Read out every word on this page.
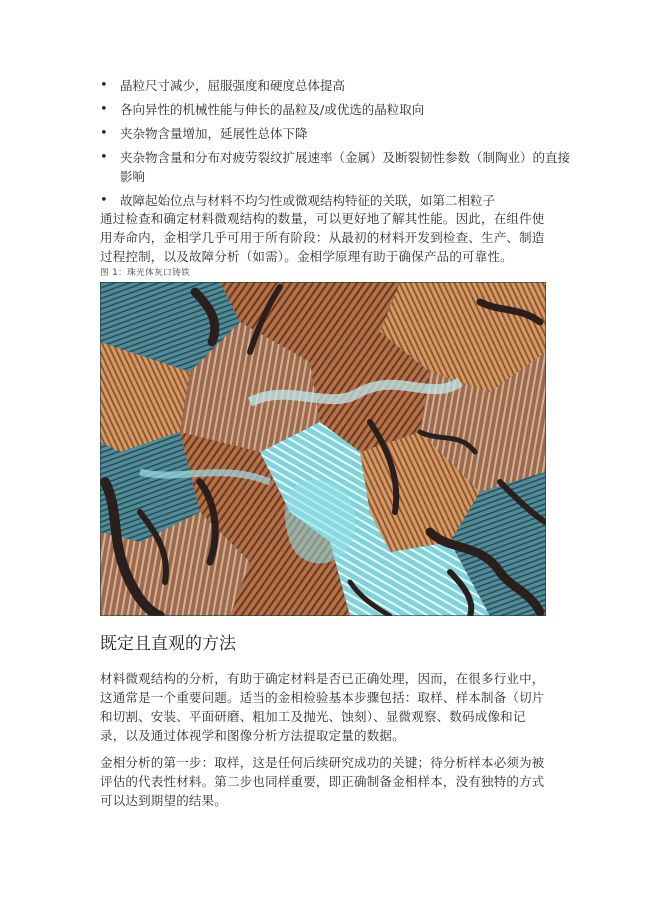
• 晶粒尺寸减少，屈服强度和硬度总体提高
• 各向异性的机械性能与伸长的晶粒及/或优选的晶粒取向
• 夹杂物含量增加，延展性总体下降
• 夹杂物含量和分布对疲劳裂纹扩展速率（金属）及断裂韧性参数（制陶业）的直接影响
• 故障起始位点与材料不均匀性或微观结构特征的关联，如第二相粒子

通过检查和确定材料微观结构的数量，可以更好地了解其性能。因此，在组件使用寿命内，金相学几乎可用于所有阶段：从最初的材料开发到检查、生产、制造过程控制，以及故障分析（如需）。金相学原理有助于确保产品的可靠性。

图 1：珠光体灰口铸铁
既定且直观的方法

材料微观结构的分析，有助于确定材料是否已正确处理，因而，在很多行业中，这通常是一个重要问题。适当的金相检验基本步骤包括：取样、样本制备（切片和切割、安装、平面研磨、粗加工及抛光、蚀刻）、显微观察、数码成像和记录，以及通过体视学和图像分析方法提取定量的数据。

金相分析的第一步：取样，这是任何后续研究成功的关键；待分析样本必须为被评估的代表性材料。第二步也同样重要，即正确制备金相样本，没有独特的方式可以达到期望的结果。
